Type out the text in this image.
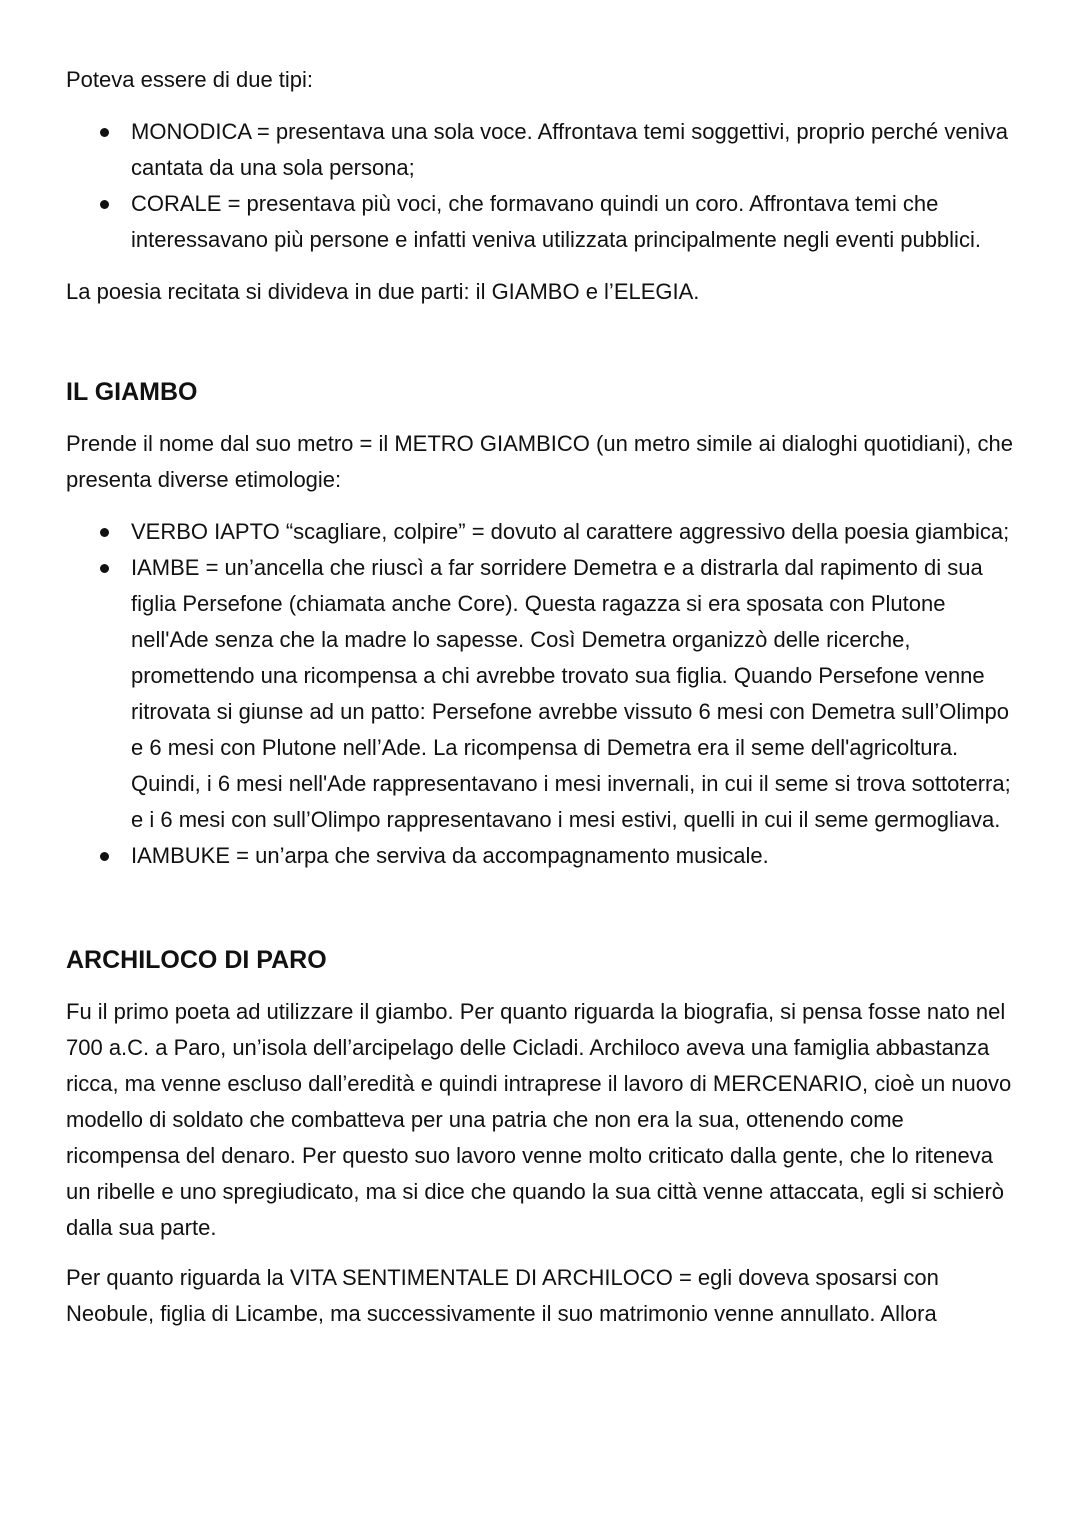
Poteva essere di due tipi:

MONODICA = presentava una sola voce. Affrontava temi soggettivi, proprio perché veniva cantata da una sola persona;
CORALE = presentava più voci, che formavano quindi un coro. Affrontava temi che interessavano più persone e infatti veniva utilizzata principalmente negli eventi pubblici.

La poesia recitata si divideva in due parti: il GIAMBO e l’ELEGIA.

IL GIAMBO

Prende il nome dal suo metro = il METRO GIAMBICO (un metro simile ai dialoghi quotidiani), che presenta diverse etimologie:

VERBO IAPTO “scagliare, colpire” = dovuto al carattere aggressivo della poesia giambica;
IAMBE = un’ancella che riuscì a far sorridere Demetra e a distrarla dal rapimento di sua figlia Persefone (chiamata anche Core). Questa ragazza si era sposata con Plutone nell'Ade senza che la madre lo sapesse. Così Demetra organizzò delle ricerche, promettendo una ricompensa a chi avrebbe trovato sua figlia. Quando Persefone venne ritrovata si giunse ad un patto: Persefone avrebbe vissuto 6 mesi con Demetra sull’Olimpo e 6 mesi con Plutone nell’Ade. La ricompensa di Demetra era il seme dell'agricoltura. Quindi, i 6 mesi nell'Ade rappresentavano i mesi invernali, in cui il seme si trova sottoterra; e i 6 mesi con sull’Olimpo rappresentavano i mesi estivi, quelli in cui il seme germogliava.
IAMBUKE = un’arpa che serviva da accompagnamento musicale.
ARCHILOCO DI PARO

Fu il primo poeta ad utilizzare il giambo. Per quanto riguarda la biografia, si pensa fosse nato nel 700 a.C. a Paro, un’isola dell’arcipelago delle Cicladi. Archiloco aveva una famiglia abbastanza ricca, ma venne escluso dall’eredità e quindi intraprese il lavoro di MERCENARIO, cioè un nuovo modello di soldato che combatteva per una patria che non era la sua, ottenendo come ricompensa del denaro. Per questo suo lavoro venne molto criticato dalla gente, che lo riteneva un ribelle e uno spregiudicato, ma si dice che quando la sua città venne attaccata, egli si schierò dalla sua parte.

Per quanto riguarda la VITA SENTIMENTALE DI ARCHILOCO = egli doveva sposarsi con Neobule, figlia di Licambe, ma successivamente il suo matrimonio venne annullato. Allora
